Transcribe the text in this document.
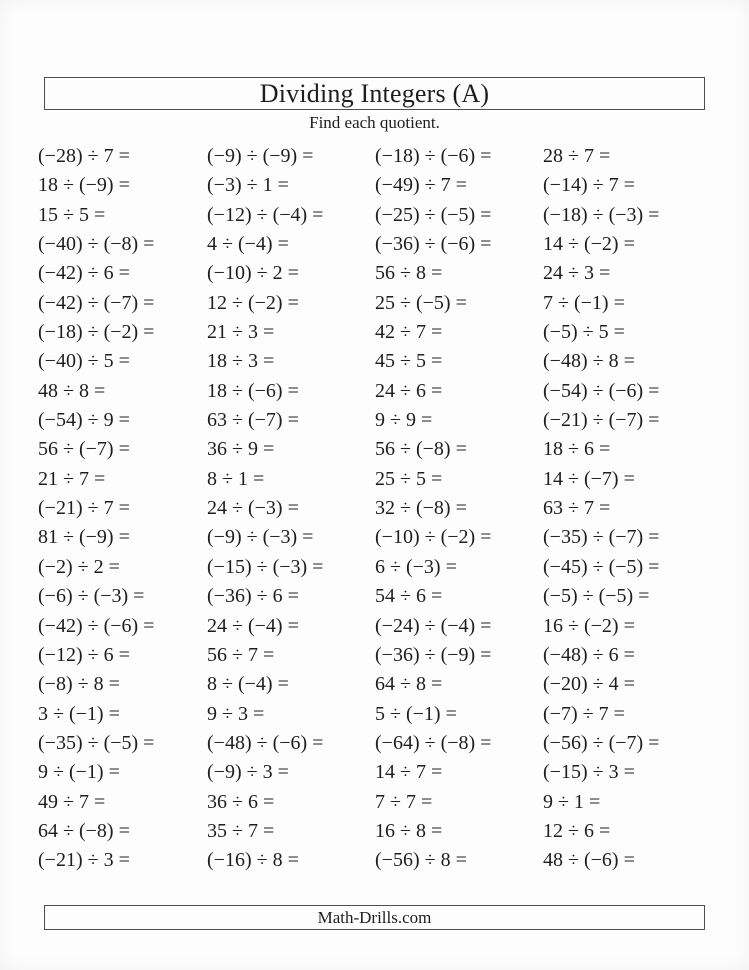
Dividing Integers (A)
Find each quotient.
(−28) ÷ 7 =	(−9) ÷ (−9) =	(−18) ÷ (−6) =	28 ÷ 7 =
18 ÷ (−9) =	(−3) ÷ 1 =	(−49) ÷ 7 =	(−14) ÷ 7 =
15 ÷ 5 =	(−12) ÷ (−4) =	(−25) ÷ (−5) =	(−18) ÷ (−3) =
(−40) ÷ (−8) =	4 ÷ (−4) =	(−36) ÷ (−6) =	14 ÷ (−2) =
(−42) ÷ 6 =	(−10) ÷ 2 =	56 ÷ 8 =	24 ÷ 3 =
(−42) ÷ (−7) =	12 ÷ (−2) =	25 ÷ (−5) =	7 ÷ (−1) =
(−18) ÷ (−2) =	21 ÷ 3 =	42 ÷ 7 =	(−5) ÷ 5 =
(−40) ÷ 5 =	18 ÷ 3 =	45 ÷ 5 =	(−48) ÷ 8 =
48 ÷ 8 =	18 ÷ (−6) =	24 ÷ 6 =	(−54) ÷ (−6) =
(−54) ÷ 9 =	63 ÷ (−7) =	9 ÷ 9 =	(−21) ÷ (−7) =
56 ÷ (−7) =	36 ÷ 9 =	56 ÷ (−8) =	18 ÷ 6 =
21 ÷ 7 =	8 ÷ 1 =	25 ÷ 5 =	14 ÷ (−7) =
(−21) ÷ 7 =	24 ÷ (−3) =	32 ÷ (−8) =	63 ÷ 7 =
81 ÷ (−9) =	(−9) ÷ (−3) =	(−10) ÷ (−2) =	(−35) ÷ (−7) =
(−2) ÷ 2 =	(−15) ÷ (−3) =	6 ÷ (−3) =	(−45) ÷ (−5) =
(−6) ÷ (−3) =	(−36) ÷ 6 =	54 ÷ 6 =	(−5) ÷ (−5) =
(−42) ÷ (−6) =	24 ÷ (−4) =	(−24) ÷ (−4) =	16 ÷ (−2) =
(−12) ÷ 6 =	56 ÷ 7 =	(−36) ÷ (−9) =	(−48) ÷ 6 =
(−8) ÷ 8 =	8 ÷ (−4) =	64 ÷ 8 =	(−20) ÷ 4 =
3 ÷ (−1) =	9 ÷ 3 =	5 ÷ (−1) =	(−7) ÷ 7 =
(−35) ÷ (−5) =	(−48) ÷ (−6) =	(−64) ÷ (−8) =	(−56) ÷ (−7) =
9 ÷ (−1) =	(−9) ÷ 3 =	14 ÷ 7 =	(−15) ÷ 3 =
49 ÷ 7 =	36 ÷ 6 =	7 ÷ 7 =	9 ÷ 1 =
64 ÷ (−8) =	35 ÷ 7 =	16 ÷ 8 =	12 ÷ 6 =
(−21) ÷ 3 =	(−16) ÷ 8 =	(−56) ÷ 8 =	48 ÷ (−6) =
Math-Drills.com
